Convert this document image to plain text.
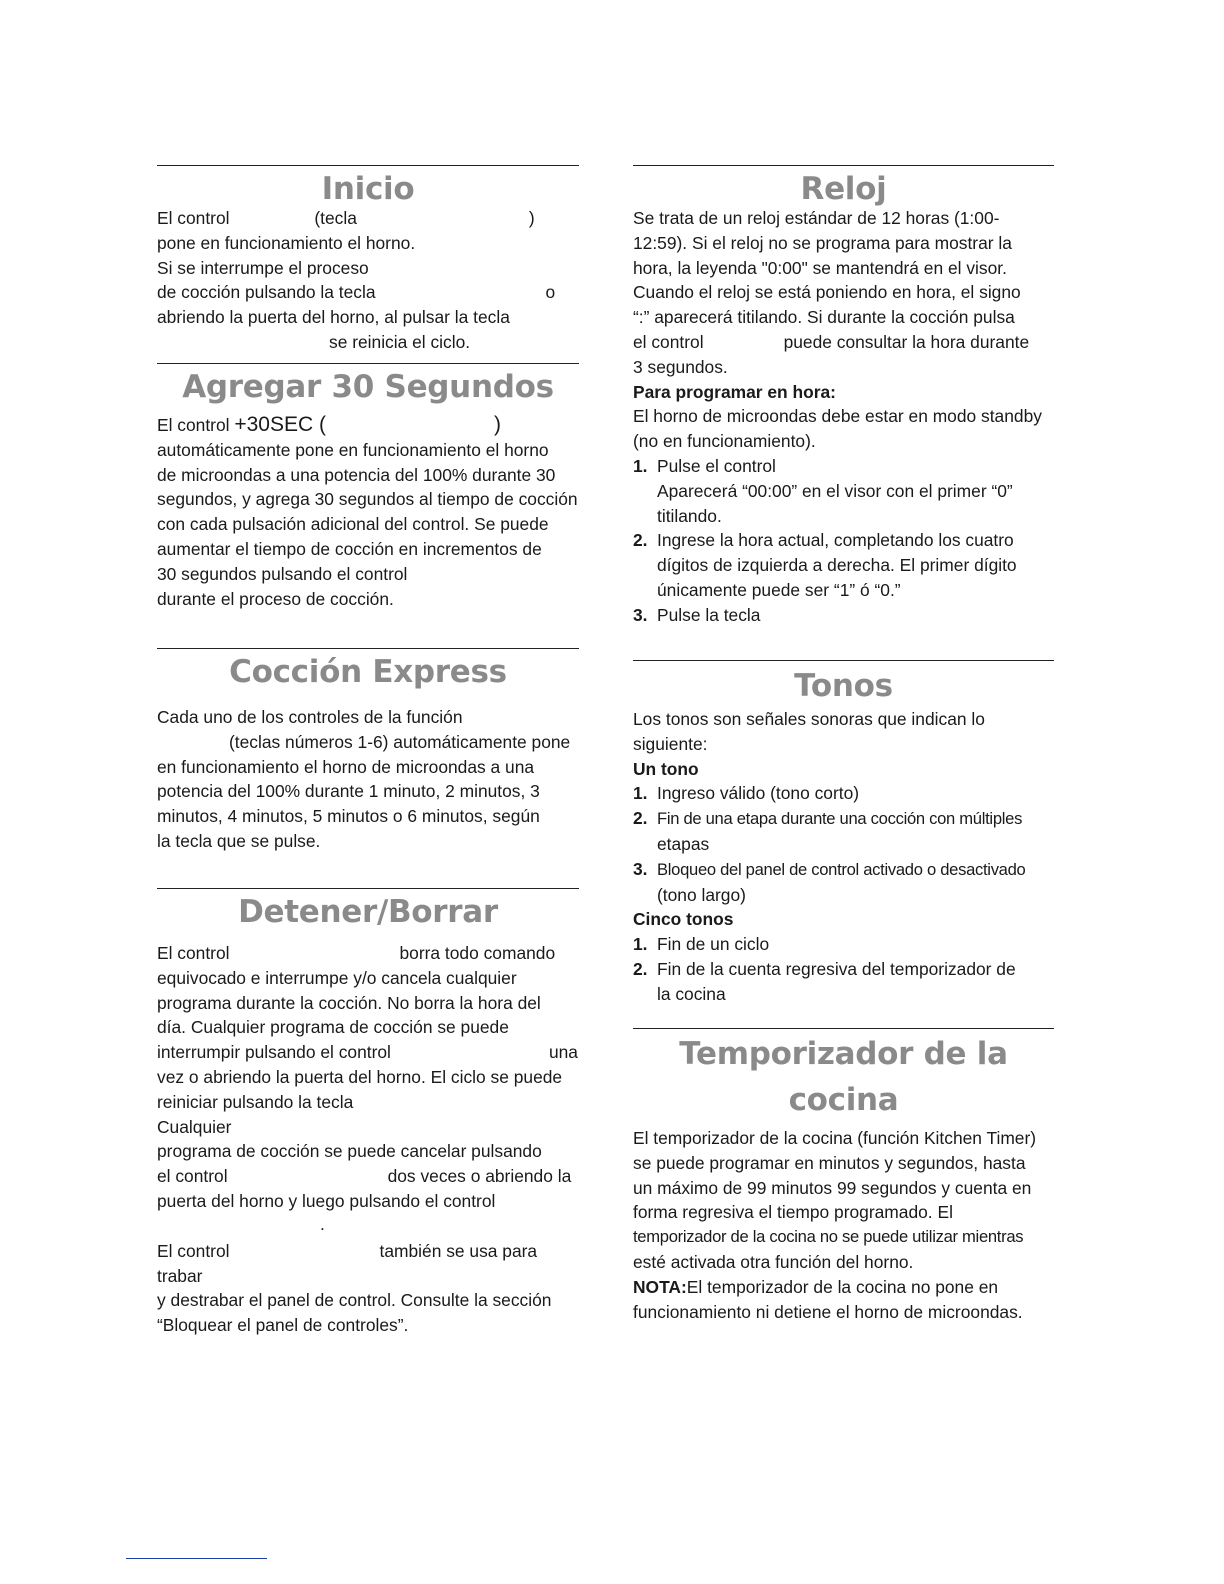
Inicio

El control	(tecla	)

pone en funcionamiento el horno.

Si se interrumpe el proceso

de cocción pulsando la tecla	o

abriendo la puerta del horno, al pulsar la tecla

se reinicia el ciclo.

Agregar 30 Segundos

El control +30SEC (	)

automáticamente pone en funcionamiento el horno

de microondas a una potencia del 100% durante 30

segundos, y agrega 30 segundos al tiempo de cocción

con cada pulsación adicional del control. Se puede

aumentar el tiempo de cocción en incrementos de

30 segundos pulsando el control

durante el proceso de cocción.

Cocción Express

Cada uno de los controles de la función

(teclas números 1-6) automáticamente pone

en funcionamiento el horno de microondas a una

potencia del 100% durante 1 minuto, 2 minutos, 3

minutos, 4 minutos, 5 minutos o 6 minutos, según

la tecla que se pulse.

Detener/Borrar

El control	borra todo comando

equivocado e interrumpe y/o cancela cualquier

programa durante la cocción. No borra la hora del

día. Cualquier programa de cocción se puede

interrumpir pulsando el control	una

vez o abriendo la puerta del horno. El ciclo se puede

reiniciar pulsando la teclaCualquier

programa de cocción se puede cancelar pulsando

el control	dos veces o abriendo la

puerta del horno y luego pulsando el control

.

El control	también se usa para trabar

y destrabar el panel de control. Consulte la sección

“Bloquear el panel de controles”.

Reloj

Se trata de un reloj estándar de 12 horas (1:00-

12:59). Si el reloj no se programa para mostrar la

hora, la leyenda "0:00" se mantendrá en el visor.

Cuando el reloj se está poniendo en hora, el signo

“:” aparecerá titilando. Si durante la cocción pulsa

el control	puede consultar la hora durante

3 segundos.

Para programar en hora:

El horno de microondas debe estar en modo standby

(no en funcionamiento).

1. Pulse el control
Aparecerá “00:00” en el visor con el primer “0”
titilando.
2. Ingrese la hora actual, completando los cuatro
dígitos de izquierda a derecha. El primer dígito
únicamente puede ser “1” ó “0.”
3. Pulse la tecla
Tonos

Los tonos son señales sonoras que indican lo

siguiente:

Un tono
1. Ingreso válido (tono corto)
2. Fin de una etapa durante una cocción con múltiples
etapas
3. Bloqueo del panel de control activado o desactivado
(tono largo)
Cinco tonos
1. Fin de un ciclo
2. Fin de la cuenta regresiva del temporizador de
la cocina
Temporizador de la cocina

El temporizador de la cocina (función Kitchen Timer)

se puede programar en minutos y segundos, hasta

un máximo de 99 minutos 99 segundos y cuenta en

forma regresiva el tiempo programado. El

temporizador de la cocina no se puede utilizar mientras

esté activada otra función del horno.

NOTA:El temporizador de la cocina no pone en

funcionamiento ni detiene el horno de microondas.
